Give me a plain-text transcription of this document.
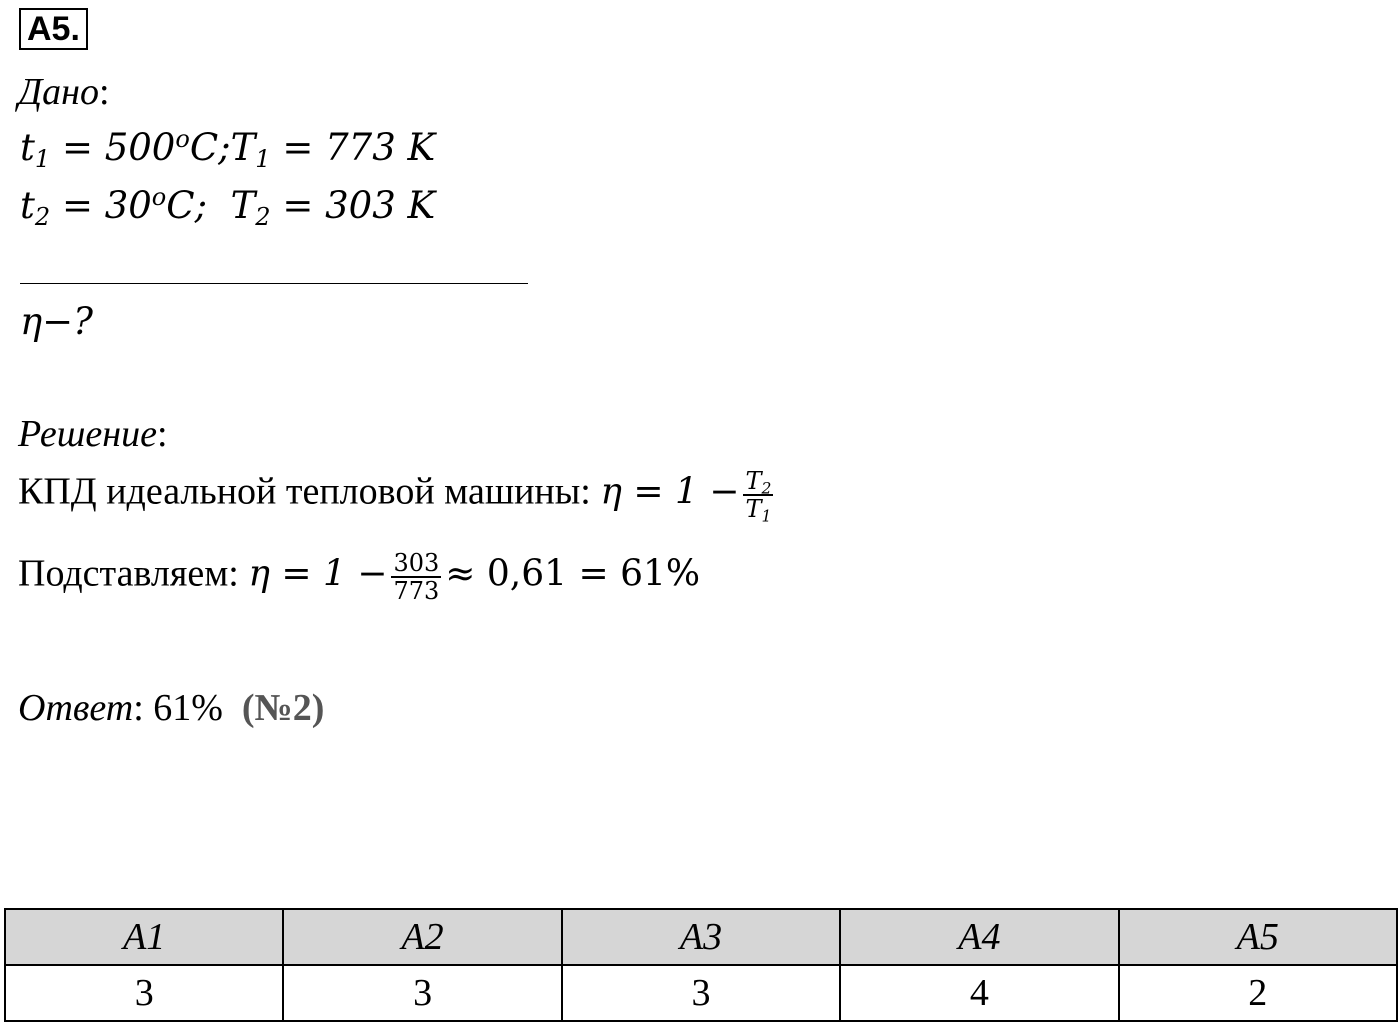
А5.
Дано:
$t_1$ = $500^oC;T_1 = 773$ K
$t_2 = 30^oC$; $T_2 = 303$ K
η−?
Решение:
КПД идеальной тепловой машины: $\eta = 1 - \frac{T_2}{T_1}$
Подставляем: $\eta = 1 - \frac{303}{773} \approx 0,61 = 61\%$
Ответ: 61% (№2)
A1	A2	A3	A4	A5
3	3	3	4	2
